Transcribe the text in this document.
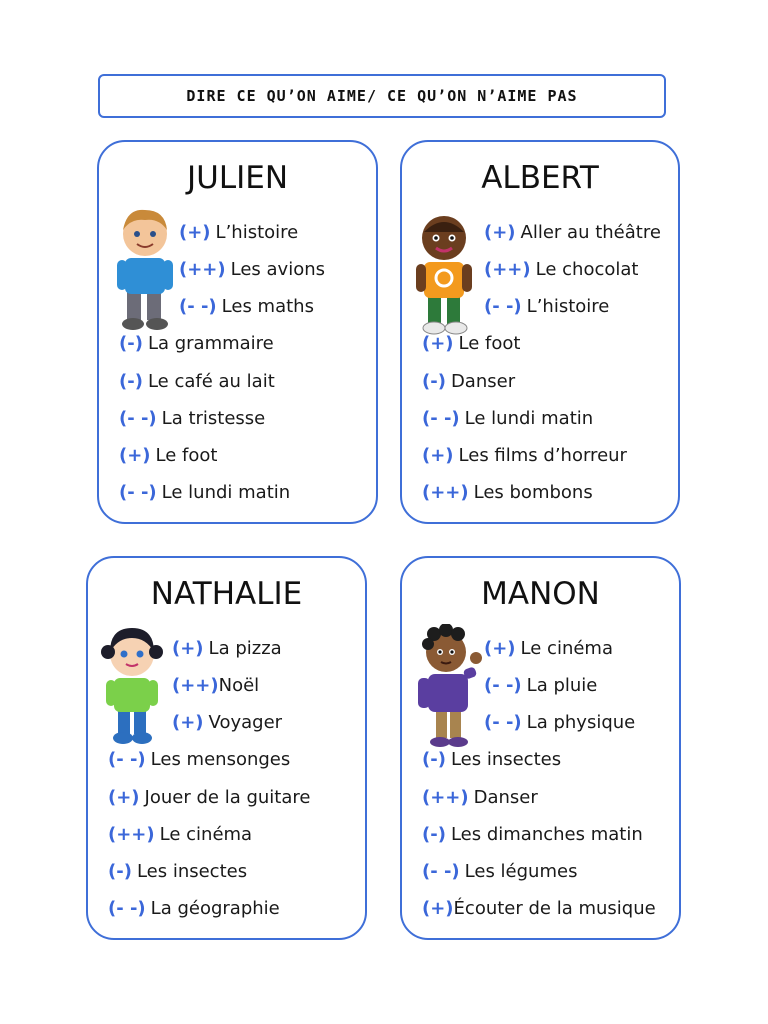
DIRE CE QU’ON AIME/ CE QU’ON N’AIME PAS
JULIEN
(+) L’histoire
(++) Les avions
(- -) Les maths
(-) La grammaire
(-) Le café au lait
(- -) La tristesse
(+) Le foot
(- -) Le lundi matin
ALBERT
(+) Aller au théâtre
(++) Le chocolat
(- -) L’histoire
(+) Le foot
(-) Danser
(- -) Le lundi matin
(+) Les films d’horreur
(++) Les bombons
NATHALIE
(+) La pizza
(++)Noël
(+) Voyager
(- -) Les mensonges
(+) Jouer de la guitare
(++) Le cinéma
(-) Les insectes
(- -) La géographie
MANON
(+) Le cinéma
(- -) La pluie
(- -) La physique
(-) Les insectes
(++) Danser
(-) Les dimanches matin
(- -) Les légumes
(+)Écouter de la musique
